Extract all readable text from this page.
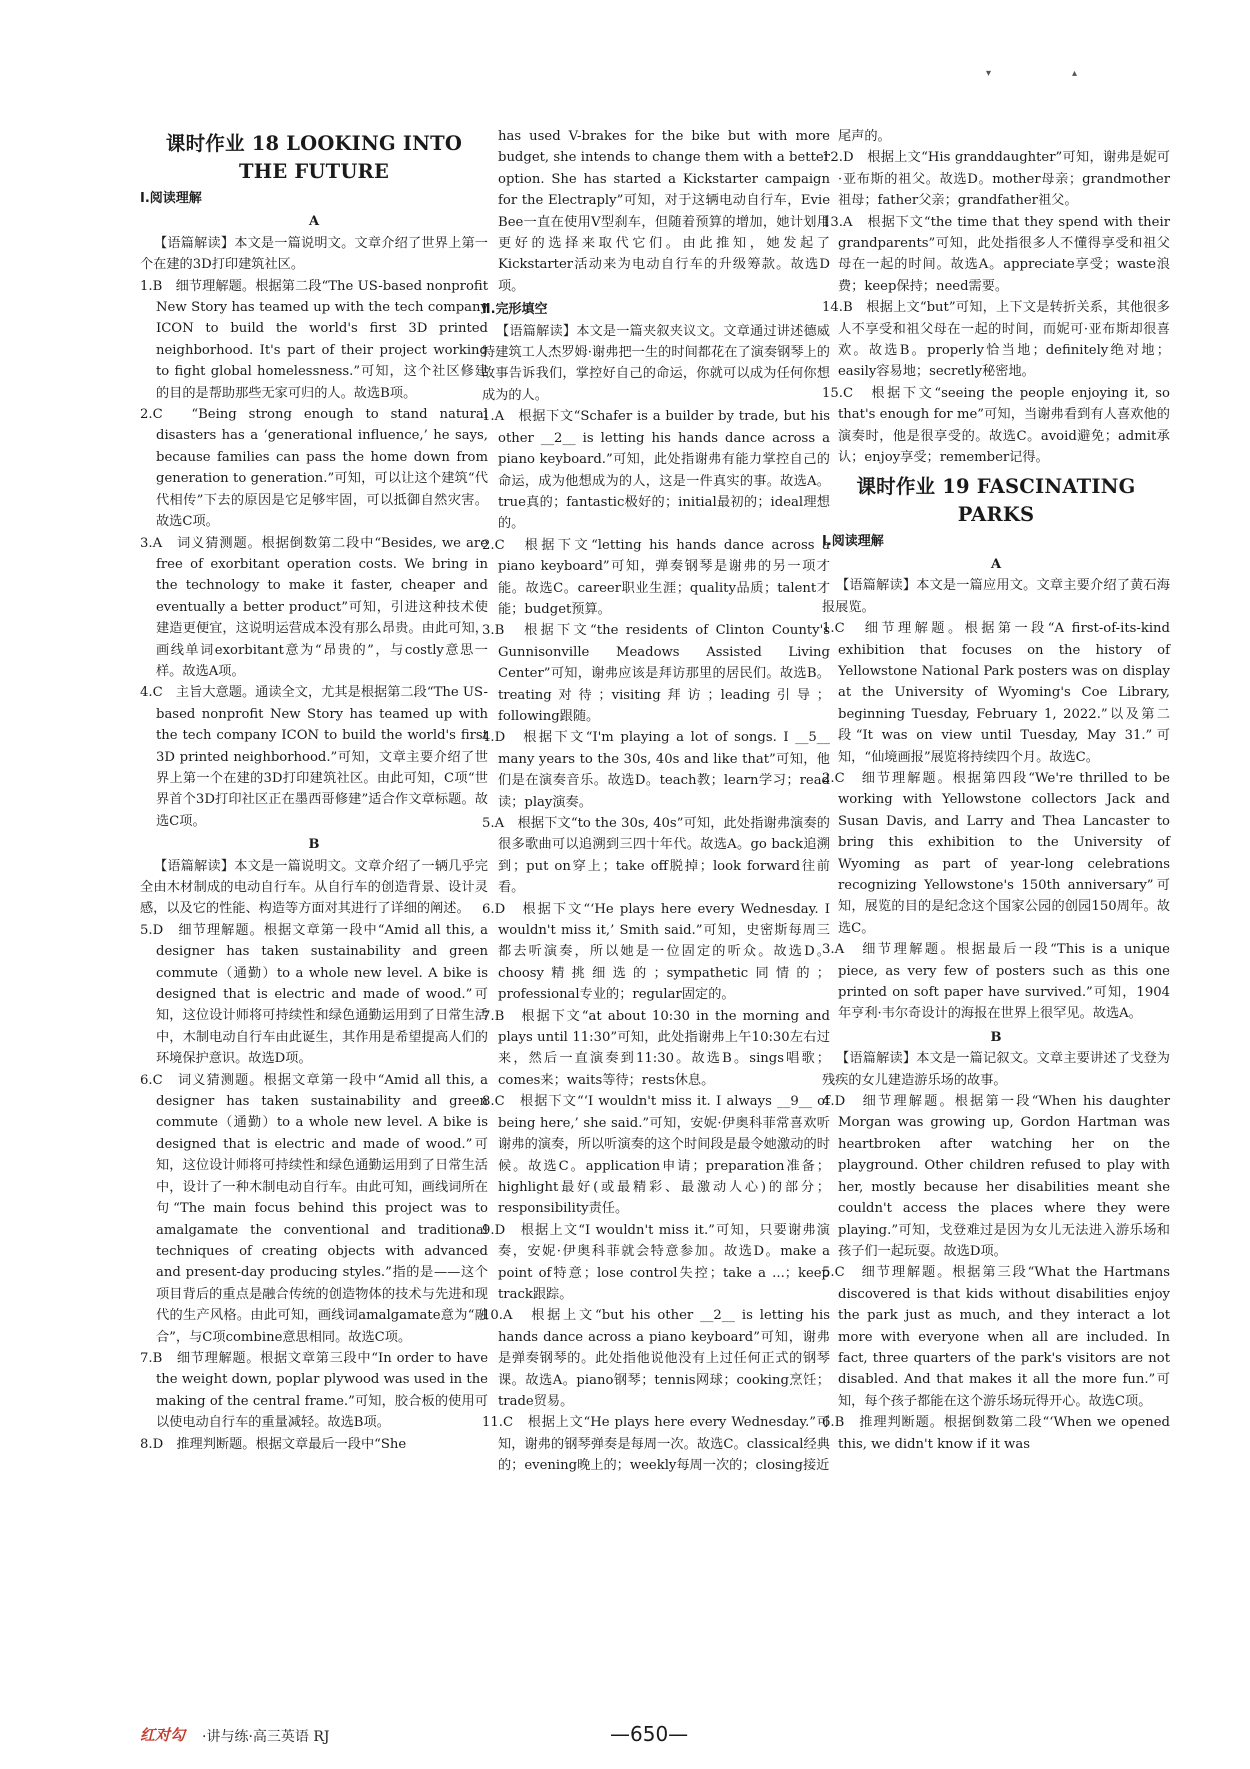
▾	▴
课时作业 18 LOOKING INTO THE FUTURE
Ⅰ.阅读理解
A

【语篇解读】本文是一篇说明文。文章介绍了世界上第一个在建的3D打印建筑社区。

1.B　细节理解题。根据第二段“The US-based nonprofit New Story has teamed up with the tech company ICON to build the world's first 3D printed neighborhood. It's part of their project working to fight global homelessness.”可知，这个社区修建的目的是帮助那些无家可归的人。故选B项。

2.C　“Being strong enough to stand natural disasters has a ‘generational influence,’ he says, because families can pass the home down from generation to generation.”可知，可以让这个建筑“代代相传”下去的原因是它足够牢固，可以抵御自然灾害。故选C项。

3.A　词义猜测题。根据倒数第二段中“Besides, we are free of exorbitant operation costs. We bring in the technology to make it faster, cheaper and eventually a better product”可知，引进这种技术使建造更便宜，这说明运营成本没有那么昂贵。由此可知，画线单词exorbitant意为“昂贵的”，与costly意思一样。故选A项。

4.C　主旨大意题。通读全文，尤其是根据第二段“The US-based nonprofit New Story has teamed up with the tech company ICON to build the world's first 3D printed neighborhood.”可知，文章主要介绍了世界上第一个在建的3D打印建筑社区。由此可知，C项“世界首个3D打印社区正在墨西哥修建”适合作文章标题。故选C项。

B

【语篇解读】本文是一篇说明文。文章介绍了一辆几乎完全由木材制成的电动自行车。从自行车的创造背景、设计灵感，以及它的性能、构造等方面对其进行了详细的阐述。

5.D　细节理解题。根据文章第一段中“Amid all this, a designer has taken sustainability and green commute（通勤）to a whole new level. A bike is designed that is electric and made of wood.”可知，这位设计师将可持续性和绿色通勤运用到了日常生活中，木制电动自行车由此诞生，其作用是希望提高人们的环境保护意识。故选D项。

6.C　词义猜测题。根据文章第一段中“Amid all this, a designer has taken sustainability and green commute（通勤）to a whole new level. A bike is designed that is electric and made of wood.”可知，这位设计师将可持续性和绿色通勤运用到了日常生活中，设计了一种木制电动自行车。由此可知，画线词所在句“The main focus behind this project was to amalgamate the conventional and traditional techniques of creating objects with advanced and present-day producing styles.”指的是——这个项目背后的重点是融合传统的创造物体的技术与先进和现代的生产风格。由此可知，画线词amalgamate意为“融合”，与C项combine意思相同。故选C项。

7.B　细节理解题。根据文章第三段中“In order to have the weight down, poplar plywood was used in the making of the central frame.”可知，胶合板的使用可以使电动自行车的重量减轻。故选B项。

8.D　推理判断题。根据文章最后一段中“She

has used V-brakes for the bike but with more budget, she intends to change them with a better option. She has started a Kickstarter campaign for the Electraply”可知，对于这辆电动自行车，Evie Bee一直在使用V型刹车，但随着预算的增加，她计划用更好的选择来取代它们。由此推知，她发起了Kickstarter活动来为电动自行车的升级筹款。故选D项。

Ⅱ.完形填空

【语篇解读】本文是一篇夹叙夹议文。文章通过讲述德威特建筑工人杰罗姆·谢弗把一生的时间都花在了演奏钢琴上的故事告诉我们，掌控好自己的命运，你就可以成为任何你想成为的人。

1.A　根据下文“Schafer is a builder by trade, but his other __2__ is letting his hands dance across a piano keyboard.”可知，此处指谢弗有能力掌控自己的命运，成为他想成为的人，这是一件真实的事。故选A。true真的；fantastic极好的；initial最初的；ideal理想的。

2.C　根据下文“letting his hands dance across a piano keyboard”可知，弹奏钢琴是谢弗的另一项才能。故选C。career职业生涯；quality品质；talent才能；budget预算。

3.B　根据下文“the residents of Clinton County's Gunnisonville Meadows Assisted Living Center”可知，谢弗应该是拜访那里的居民们。故选B。treating对待；visiting拜访；leading引导；following跟随。

4.D　根据下文“I'm playing a lot of songs. I __5__ many years to the 30s, 40s and like that”可知，他们是在演奏音乐。故选D。teach教；learn学习；read读；play演奏。

5.A　根据下文“to the 30s, 40s”可知，此处指谢弗演奏的很多歌曲可以追溯到三四十年代。故选A。go back追溯到；put on穿上；take off脱掉；look forward往前看。

6.D　根据下文“‘He plays here every Wednesday. I wouldn't miss it,’ Smith said.”可知，史密斯每周三都去听演奏，所以她是一位固定的听众。故选D。choosy精挑细选的；sympathetic同情的；professional专业的；regular固定的。

7.B　根据下文“at about 10:30 in the morning and plays until 11:30”可知，此处指谢弗上午10:30左右过来，然后一直演奏到11:30。故选B。sings唱歌；comes来；waits等待；rests休息。

8.C　根据下文“‘I wouldn't miss it. I always __9__ of being here,’ she said.”可知，安妮·伊奥科菲常喜欢听谢弗的演奏，所以听演奏的这个时间段是最令她激动的时候。故选C。application申请；preparation准备；highlight最好(或最精彩、最激动人心)的部分；responsibility责任。

9.D　根据上文“I wouldn't miss it.”可知，只要谢弗演奏，安妮·伊奥科菲就会特意参加。故选D。make a point of特意；lose control失控；take a ...；keep track跟踪。

10.A　根据上文“but his other __2__ is letting his hands dance across a piano keyboard”可知，谢弗是弹奏钢琴的。此处指他说他没有上过任何正式的钢琴课。故选A。piano钢琴；tennis网球；cooking烹饪；trade贸易。

11.C　根据上文“He plays here every Wednesday.”可知，谢弗的钢琴弹奏是每周一次。故选C。classical经典的；evening晚上的；weekly每周一次的；closing接近

尾声的。

12.D　根据上文“His granddaughter”可知，谢弗是妮可·亚布斯的祖父。故选D。mother母亲；grandmother祖母；father父亲；grandfather祖父。

13.A　根据下文“the time that they spend with their grandparents”可知，此处指很多人不懂得享受和祖父母在一起的时间。故选A。appreciate享受；waste浪费；keep保持；need需要。

14.B　根据上文“but”可知，上下文是转折关系，其他很多人不享受和祖父母在一起的时间，而妮可·亚布斯却很喜欢。故选B。properly恰当地；definitely绝对地；easily容易地；secretly秘密地。

15.C　根据下文“seeing the people enjoying it, so that's enough for me”可知，当谢弗看到有人喜欢他的演奏时，他是很享受的。故选C。avoid避免；admit承认；enjoy享受；remember记得。

课时作业 19 FASCINATING PARKS
Ⅰ.阅读理解
A

【语篇解读】本文是一篇应用文。文章主要介绍了黄石海报展览。

1.C　细节理解题。根据第一段“A first-of-its-kind exhibition that focuses on the history of Yellowstone National Park posters was on display at the University of Wyoming's Coe Library, beginning Tuesday, February 1, 2022.”以及第二段“It was on view until Tuesday, May 31.”可知，“仙境画报”展览将持续四个月。故选C。

2.C　细节理解题。根据第四段“We're thrilled to be working with Yellowstone collectors Jack and Susan Davis, and Larry and Thea Lancaster to bring this exhibition to the University of Wyoming as part of year-long celebrations recognizing Yellowstone's 150th anniversary”可知，展览的目的是纪念这个国家公园的创园150周年。故选C。

3.A　细节理解题。根据最后一段“This is a unique piece, as very few of posters such as this one printed on soft paper have survived.”可知，1904年亨利·韦尔奇设计的海报在世界上很罕见。故选A。

B

【语篇解读】本文是一篇记叙文。文章主要讲述了戈登为残疾的女儿建造游乐场的故事。

4.D　细节理解题。根据第一段“When his daughter Morgan was growing up, Gordon Hartman was heartbroken after watching her on the playground. Other children refused to play with her, mostly because her disabilities meant she couldn't access the places where they were playing.”可知，戈登难过是因为女儿无法进入游乐场和孩子们一起玩耍。故选D项。

5.C　细节理解题。根据第三段“What the Hartmans discovered is that kids without disabilities enjoy the park just as much, and they interact a lot more with everyone when all are included. In fact, three quarters of the park's visitors are not disabled. And that makes it all the more fun.”可知，每个孩子都能在这个游乐场玩得开心。故选C项。

6.B　推理判断题。根据倒数第二段“‘When we opened this, we didn't know if it was

红对勾 ·讲与练·高三英语 RJ	—650—
